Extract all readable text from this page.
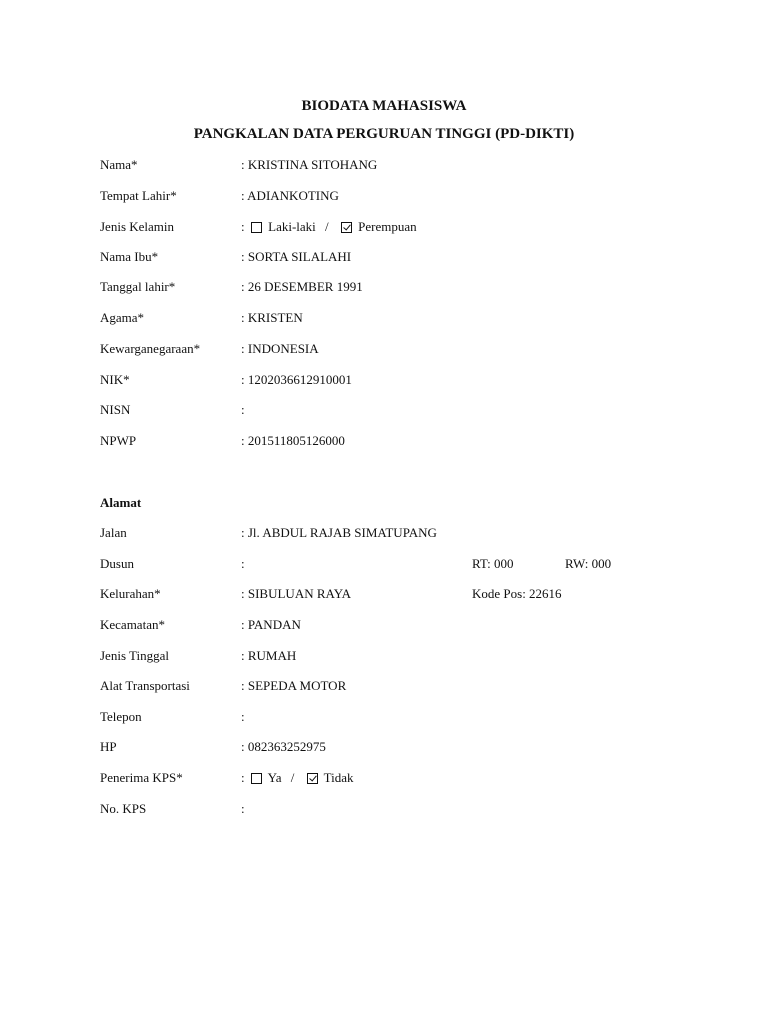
BIODATA MAHASISWA
PANGKALAN DATA PERGURUAN TINGGI (PD-DIKTI)
Nama*	: KRISTINA SITOHANG
Tempat Lahir*	: ADIANKOTING
Jenis Kelamin	: Laki-laki / Perempuan
Nama Ibu*	: SORTA SILALAHI
Tanggal lahir*	: 26 DESEMBER 1991
Agama*	: KRISTEN
Kewarganegaraan*	: INDONESIA
NIK*	: 1202036612910001
NISN	:
NPWP	: 201511805126000
Alamat
Jalan	: Jl. ABDUL RAJAB SIMATUPANG
Dusun	:	RT: 000	RW: 000
Kelurahan*	: SIBULUAN RAYA	Kode Pos: 22616
Kecamatan*	: PANDAN
Jenis Tinggal	: RUMAH
Alat Transportasi	: SEPEDA MOTOR
Telepon	:
HP	: 082363252975
Penerima KPS*	: Ya / Tidak
No. KPS	:
